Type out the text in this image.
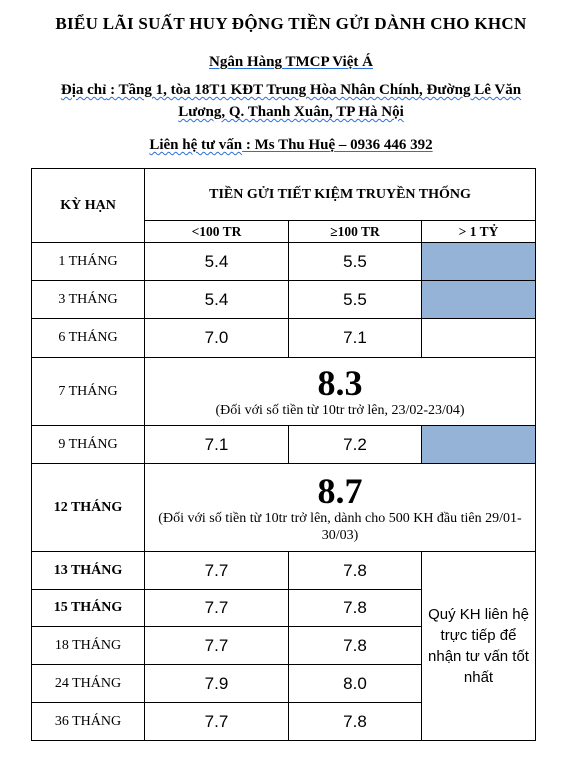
BIỂU LÃI SUẤT HUY ĐỘNG TIỀN GỬI DÀNH CHO KHCN
Ngân Hàng TMCP Việt Á
Địa chỉ : Tầng 1, tòa 18T1 KĐT Trung Hòa Nhân Chính, Đường Lê Văn
Lương, Q. Thanh Xuân, TP Hà Nội
Liên hệ tư vấn : Ms Thu Huệ – 0936 446 392
KỲ HẠN	TIỀN GỬI TIẾT KIỆM TRUYỀN THỐNG		
	<100 TR	≥100 TR	> 1 TỶ
1 THÁNG	5.4	5.5	
3 THÁNG	5.4	5.5	
6 THÁNG	7.0	7.1	
7 THÁNG	8.3
(Đối với số tiền từ 10tr trở lên, 23/02-23/04)		

9 THÁNG	7.1	7.2	
12 THÁNG	8.7
(Đối với số tiền từ 10tr trở lên, dành cho 500 KH đầu tiên 29/01-30/03)		

13 THÁNG	7.7	7.8	Quý KH liên hệ trực tiếp để nhận tư vấn tốt nhất
15 THÁNG	7.7	7.8	
18 THÁNG	7.7	7.8	
24 THÁNG	7.9	8.0	
36 THÁNG	7.7	7.8	
